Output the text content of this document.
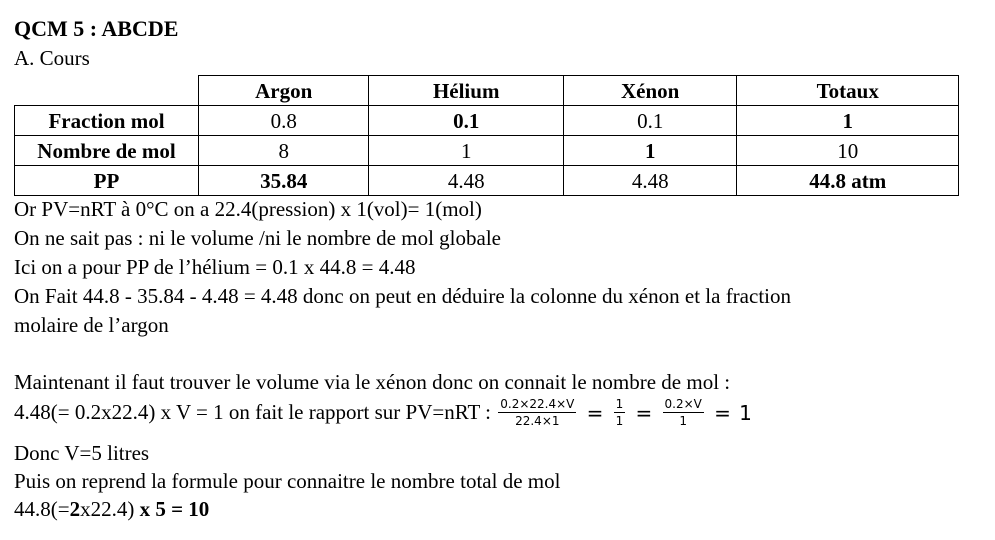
QCM 5 : ABCDE
A. Cours
	Argon	Hélium	Xénon	Totaux
Fraction mol	0.8	0.1	0.1	1
Nombre de mol	8	1	1	10
PP	35.84	4.48	4.48	44.8 atm
Or PV=nRT à 0°C on a 22.4(pression) x 1(vol)= 1(mol)
On ne sait pas : ni le volume /ni le nombre de mol globale
Ici on a pour PP de l’hélium = 0.1 x 44.8 = 4.48
On Fait 44.8 - 35.84 - 4.48 = 4.48 donc on peut en déduire la colonne du xénon et la fraction
molaire de l’argon
Maintenant il faut trouver le volume via le xénon donc on connait le nombre de mol :
4.48(= 0.2x22.4) x V = 1 on fait le rapport sur PV=nRT : $\frac{0.2\times 22.4\times V}{22.4\times 1} = \frac{1}{1} = \frac{0.2\times V}{1} = 1$
Donc V=5 litres
Puis on reprend la formule pour connaitre le nombre total de mol
44.8(=2x22.4) x 5 = 10
